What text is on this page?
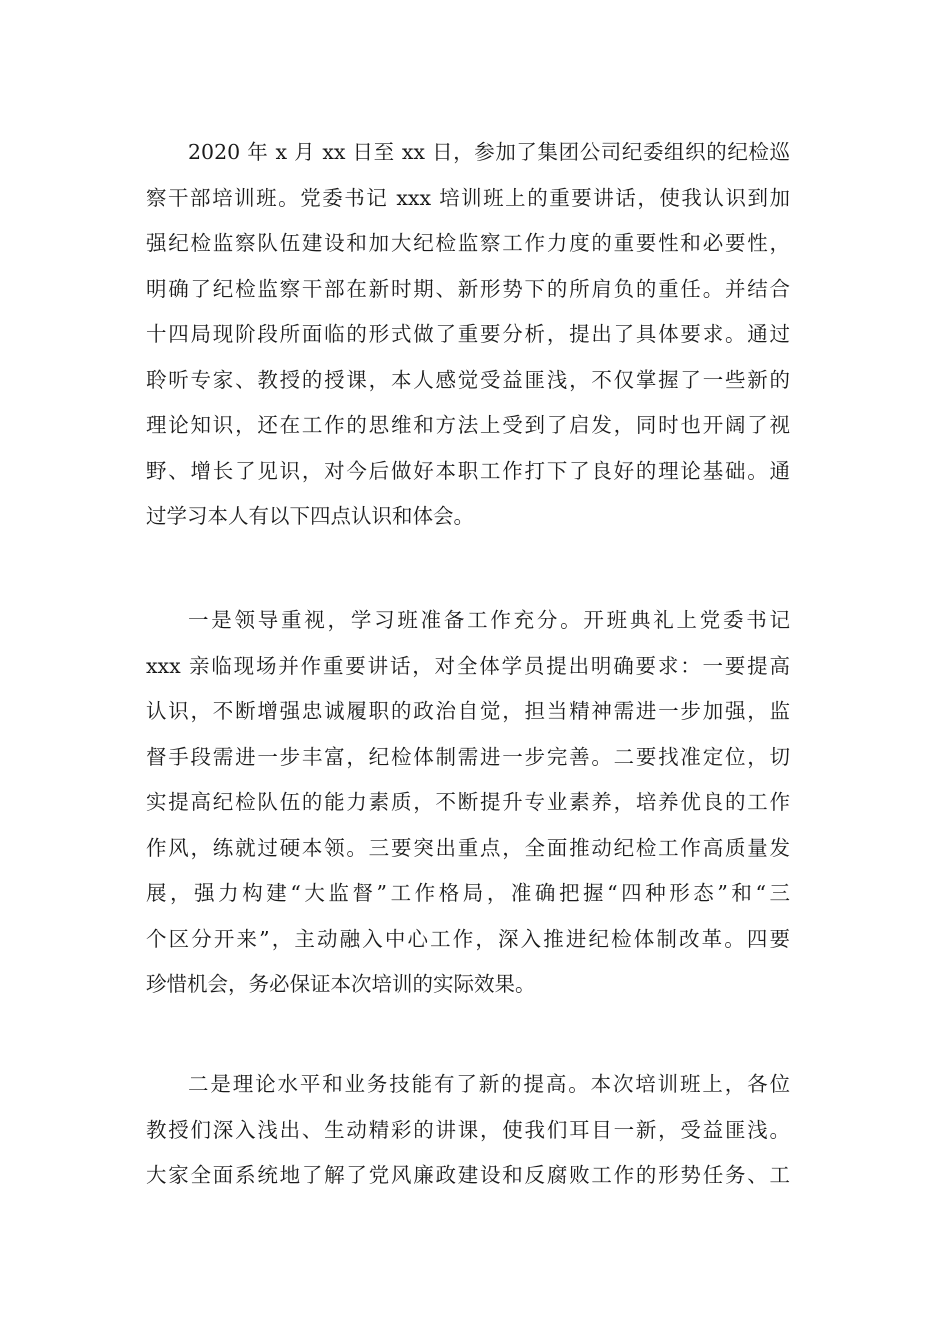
2020 年 x 月 xx 日至 xx 日，参加了集团公司纪委组织的纪检巡
察干部培训班。党委书记 xxx 培训班上的重要讲话，使我认识到加
强纪检监察队伍建设和加大纪检监察工作力度的重要性和必要性，
明确了纪检监察干部在新时期、新形势下的所肩负的重任。并结合
十四局现阶段所面临的形式做了重要分析，提出了具体要求。通过
聆听专家、教授的授课，本人感觉受益匪浅，不仅掌握了一些新的
理论知识，还在工作的思维和方法上受到了启发，同时也开阔了视
野、增长了见识，对今后做好本职工作打下了良好的理论基础。通
过学习本人有以下四点认识和体会。
一是领导重视，学习班准备工作充分。开班典礼上党委书记
xxx 亲临现场并作重要讲话，对全体学员提出明确要求：一要提高
认识，不断增强忠诚履职的政治自觉，担当精神需进一步加强，监
督手段需进一步丰富，纪检体制需进一步完善。二要找准定位，切
实提高纪检队伍的能力素质，不断提升专业素养，培养优良的工作
作风，练就过硬本领。三要突出重点，全面推动纪检工作高质量发
展，强力构建“大监督”工作格局，准确把握“四种形态”和“三
个区分开来”，主动融入中心工作，深入推进纪检体制改革。四要
珍惜机会，务必保证本次培训的实际效果。
二是理论水平和业务技能有了新的提高。本次培训班上，各位
教授们深入浅出、生动精彩的讲课，使我们耳目一新，受益匪浅。
大家全面系统地了解了党风廉政建设和反腐败工作的形势任务、工
